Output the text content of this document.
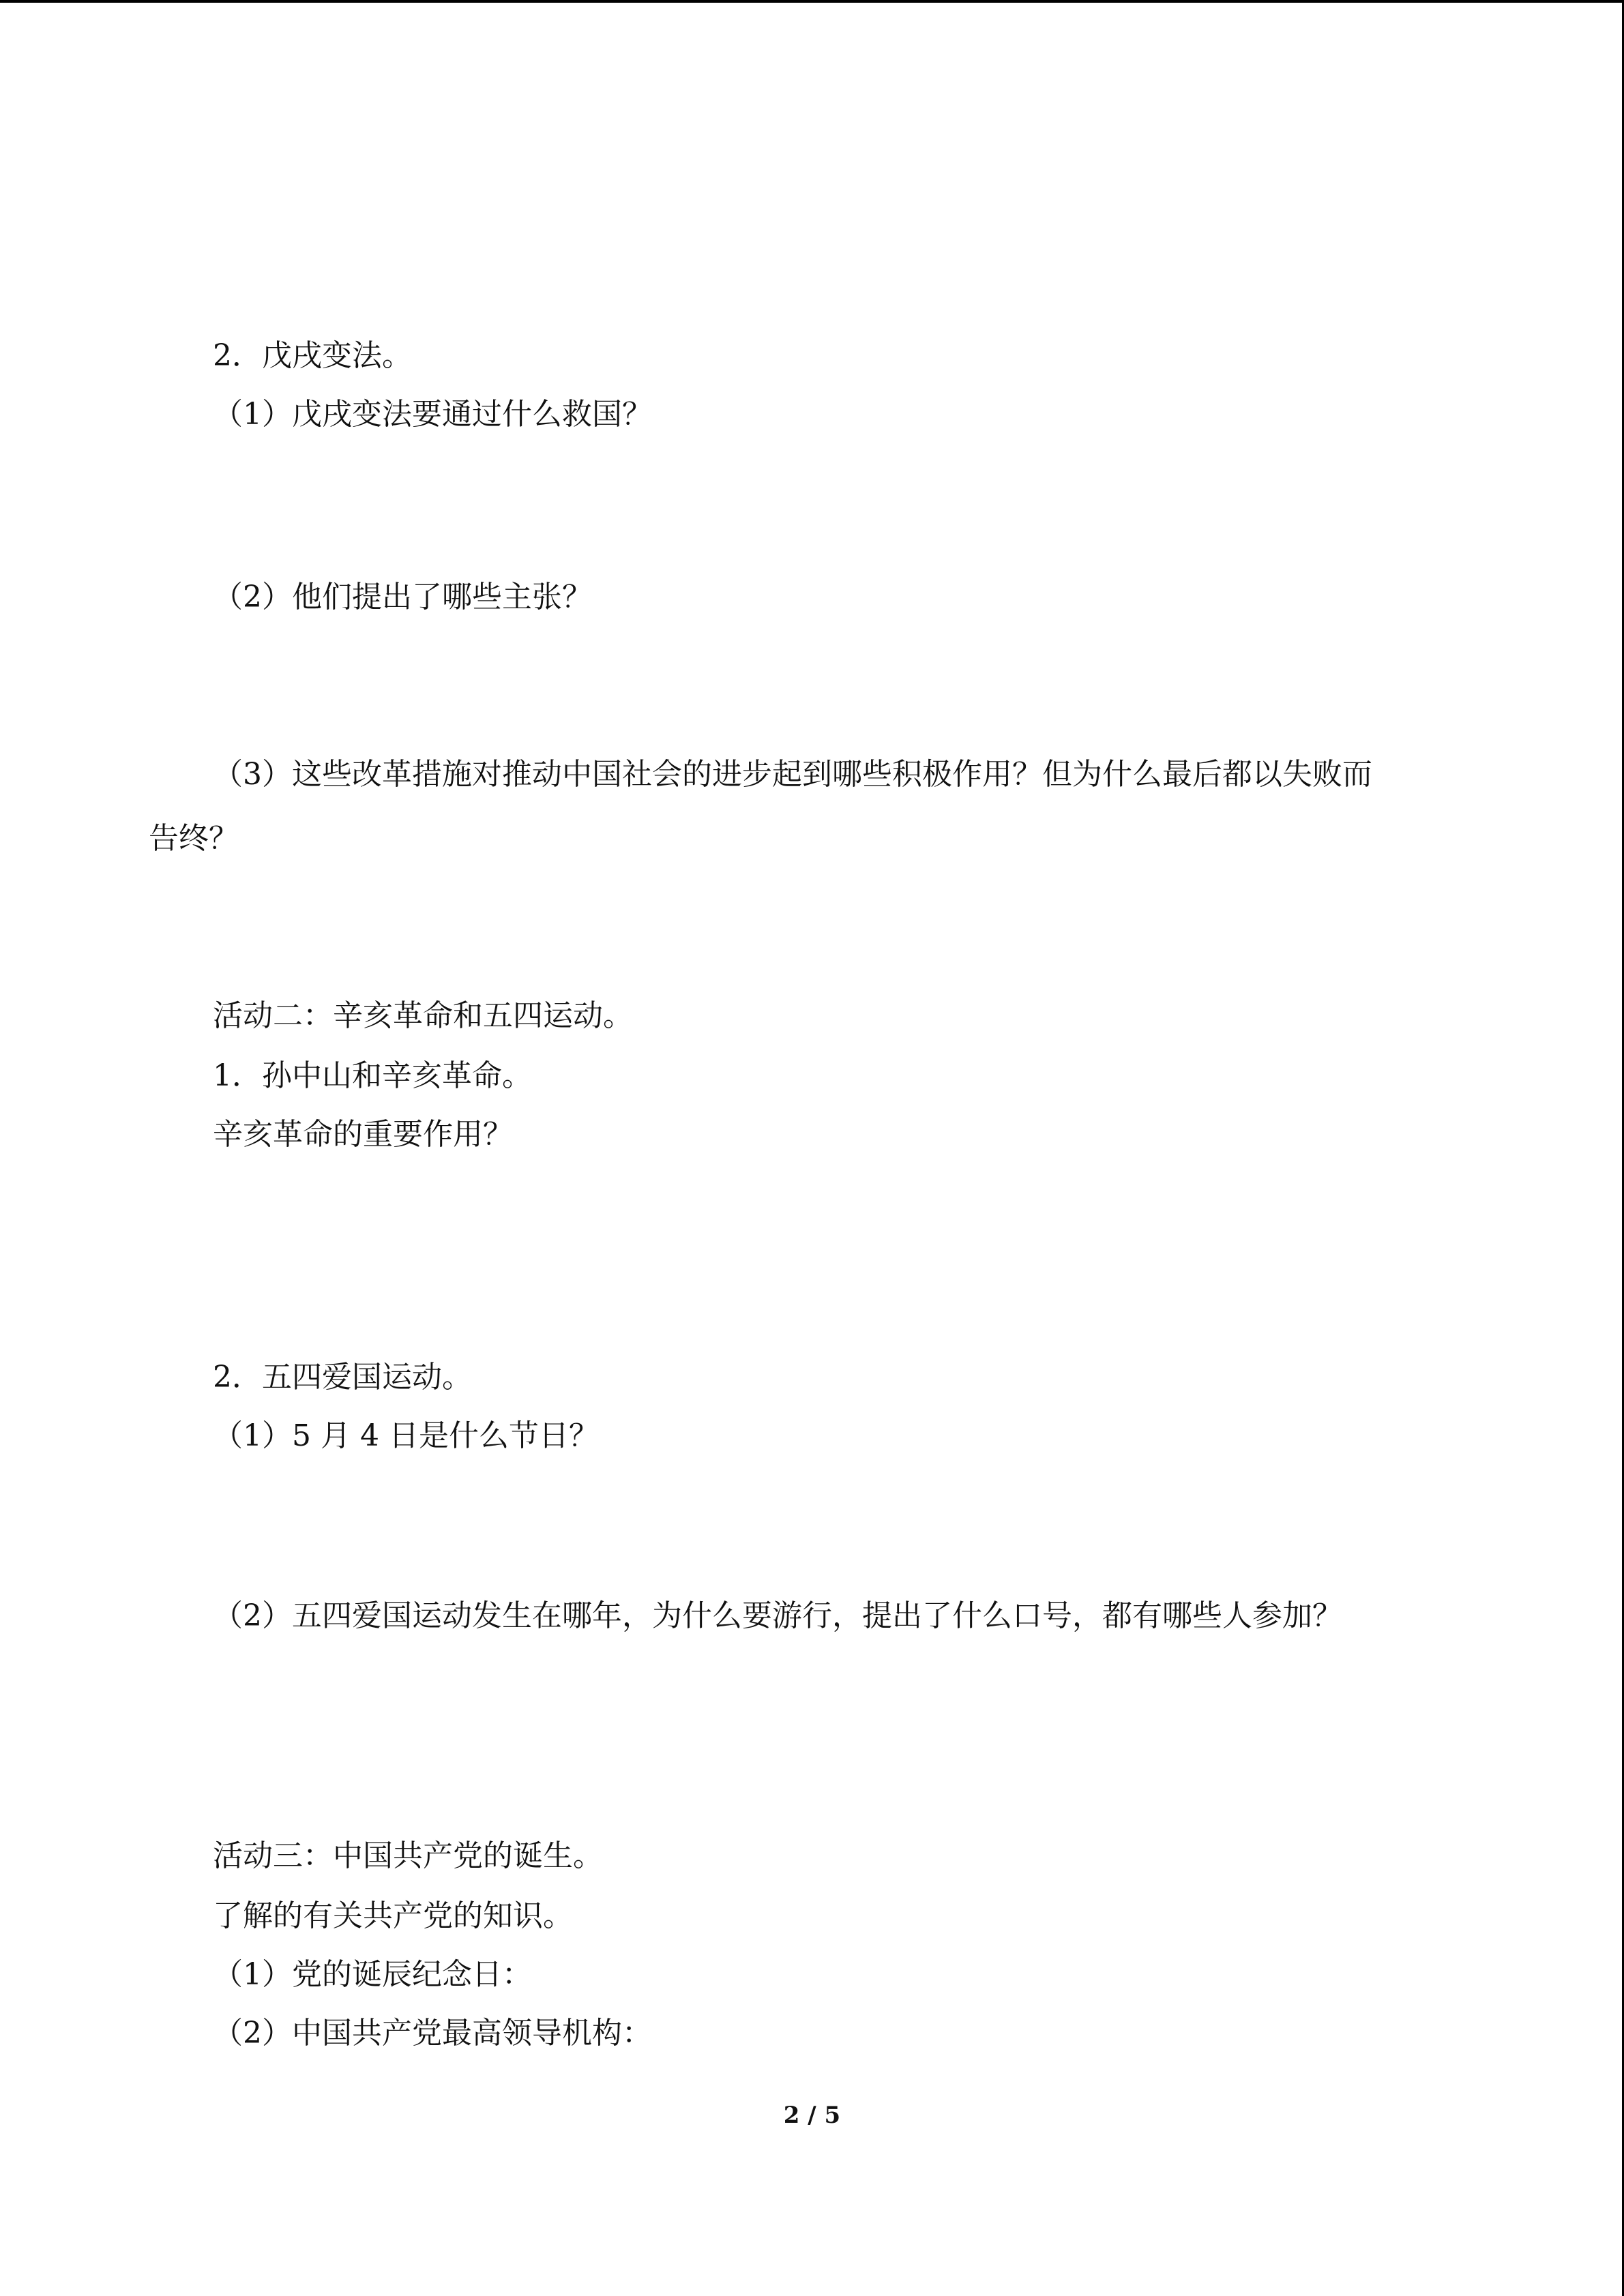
2．戊戌变法。
（1）戊戌变法要通过什么救国？
（2）他们提出了哪些主张？
（3）这些改革措施对推动中国社会的进步起到哪些积极作用？但为什么最后都以失败而
告终？
活动二：辛亥革命和五四运动。
1．孙中山和辛亥革命。
辛亥革命的重要作用？
2．五四爱国运动。
（1）5 月 4 日是什么节日？
（2）五四爱国运动发生在哪年，为什么要游行，提出了什么口号，都有哪些人参加？
活动三：中国共产党的诞生。
了解的有关共产党的知识。
（1）党的诞辰纪念日：
（2）中国共产党最高领导机构：
2 / 5
